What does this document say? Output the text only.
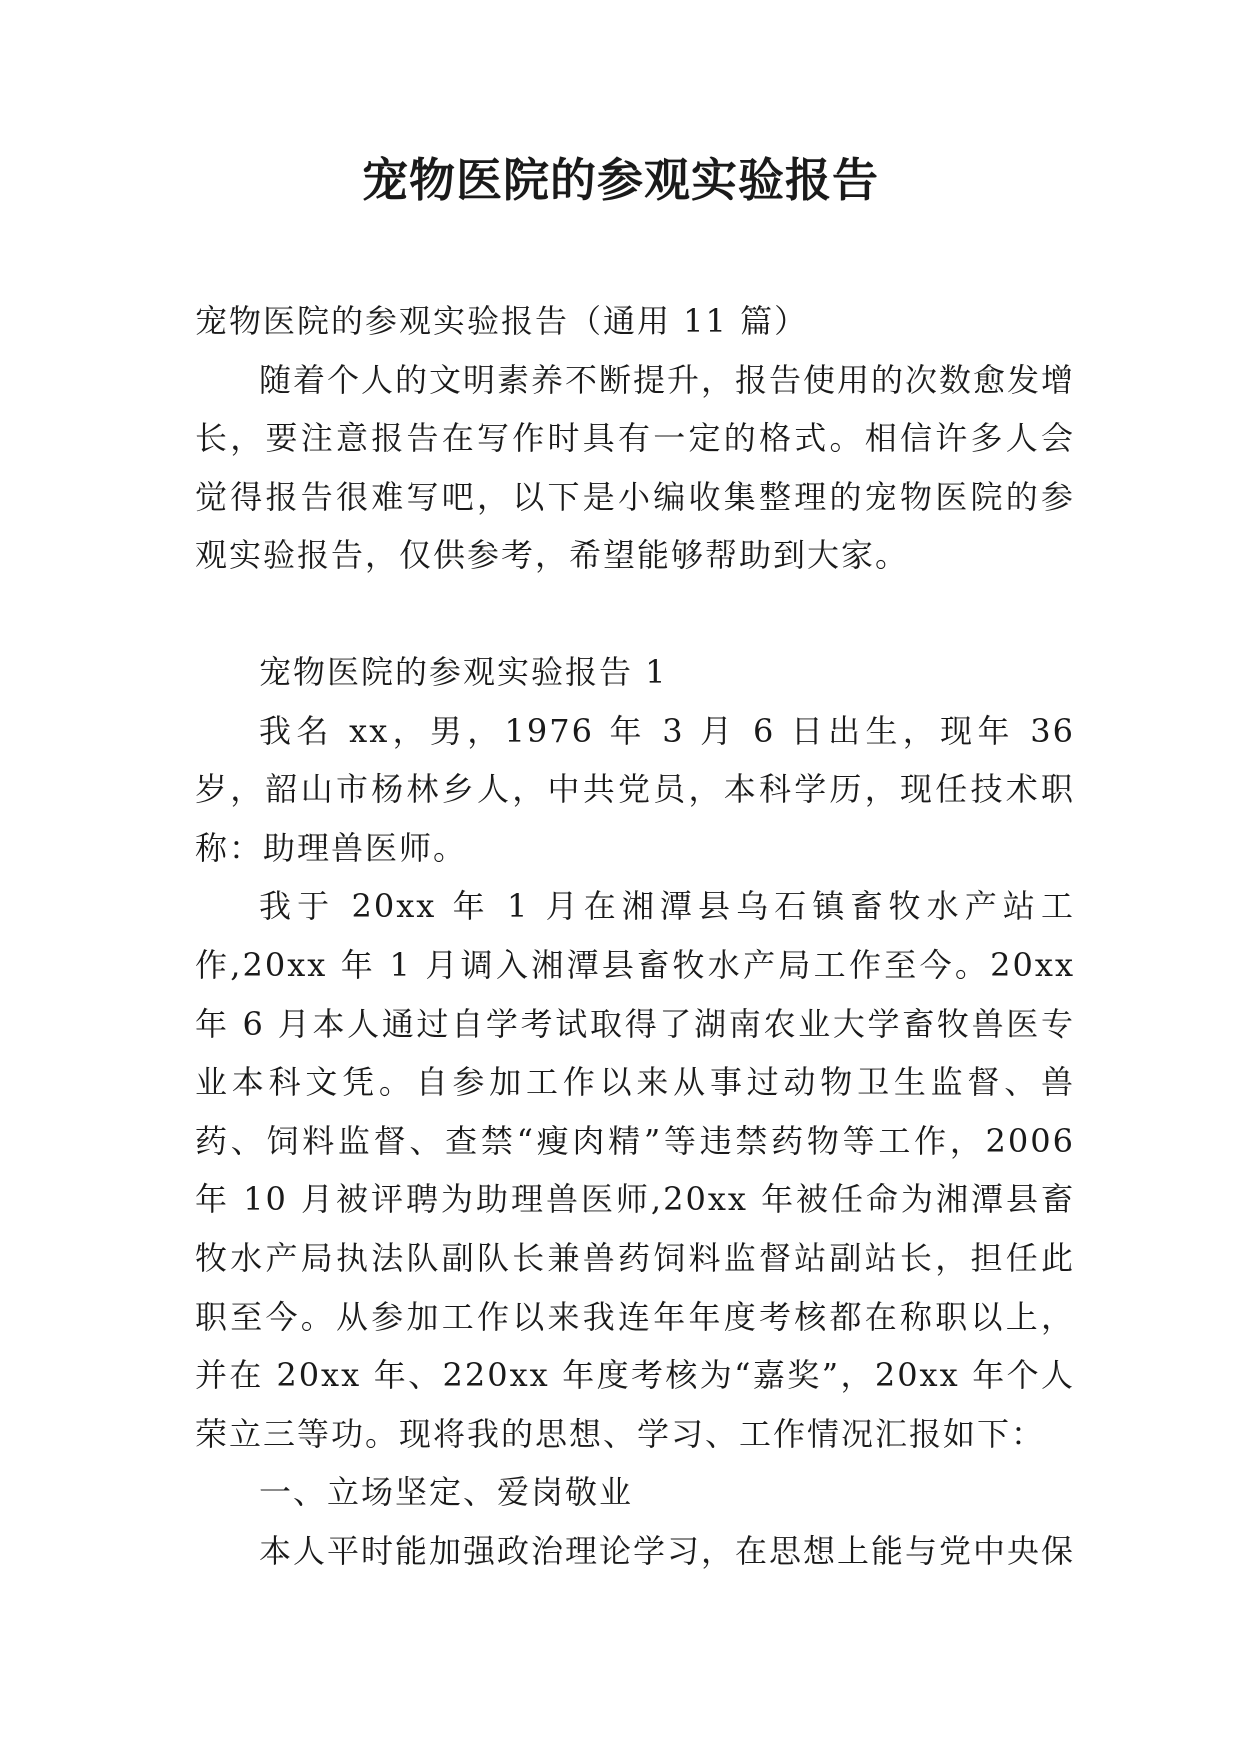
宠物医院的参观实验报告

宠物医院的参观实验报告（通用 11 篇）

随着个人的文明素养不断提升，报告使用的次数愈发增长，要注意报告在写作时具有一定的格式。相信许多人会觉得报告很难写吧，以下是小编收集整理的宠物医院的参观实验报告，仅供参考，希望能够帮助到大家。

宠物医院的参观实验报告 1

我名 xx，男，1976 年 3 月 6 日出生，现年 36 岁，韶山市杨林乡人，中共党员，本科学历，现任技术职称：助理兽医师。

我于 20xx 年 1 月在湘潭县乌石镇畜牧水产站工作,20xx 年 1 月调入湘潭县畜牧水产局工作至今。20xx 年 6 月本人通过自学考试取得了湖南农业大学畜牧兽医专业本科文凭。自参加工作以来从事过动物卫生监督、兽药、饲料监督、查禁“瘦肉精”等违禁药物等工作，2006 年 10 月被评聘为助理兽医师,20xx 年被任命为湘潭县畜牧水产局执法队副队长兼兽药饲料监督站副站长，担任此职至今。从参加工作以来我连年年度考核都在称职以上，并在 20xx 年、220xx 年度考核为“嘉奖”，20xx 年个人荣立三等功。现将我的思想、学习、工作情况汇报如下：

一、立场坚定、爱岗敬业

本人平时能加强政治理论学习，在思想上能与党中央保
